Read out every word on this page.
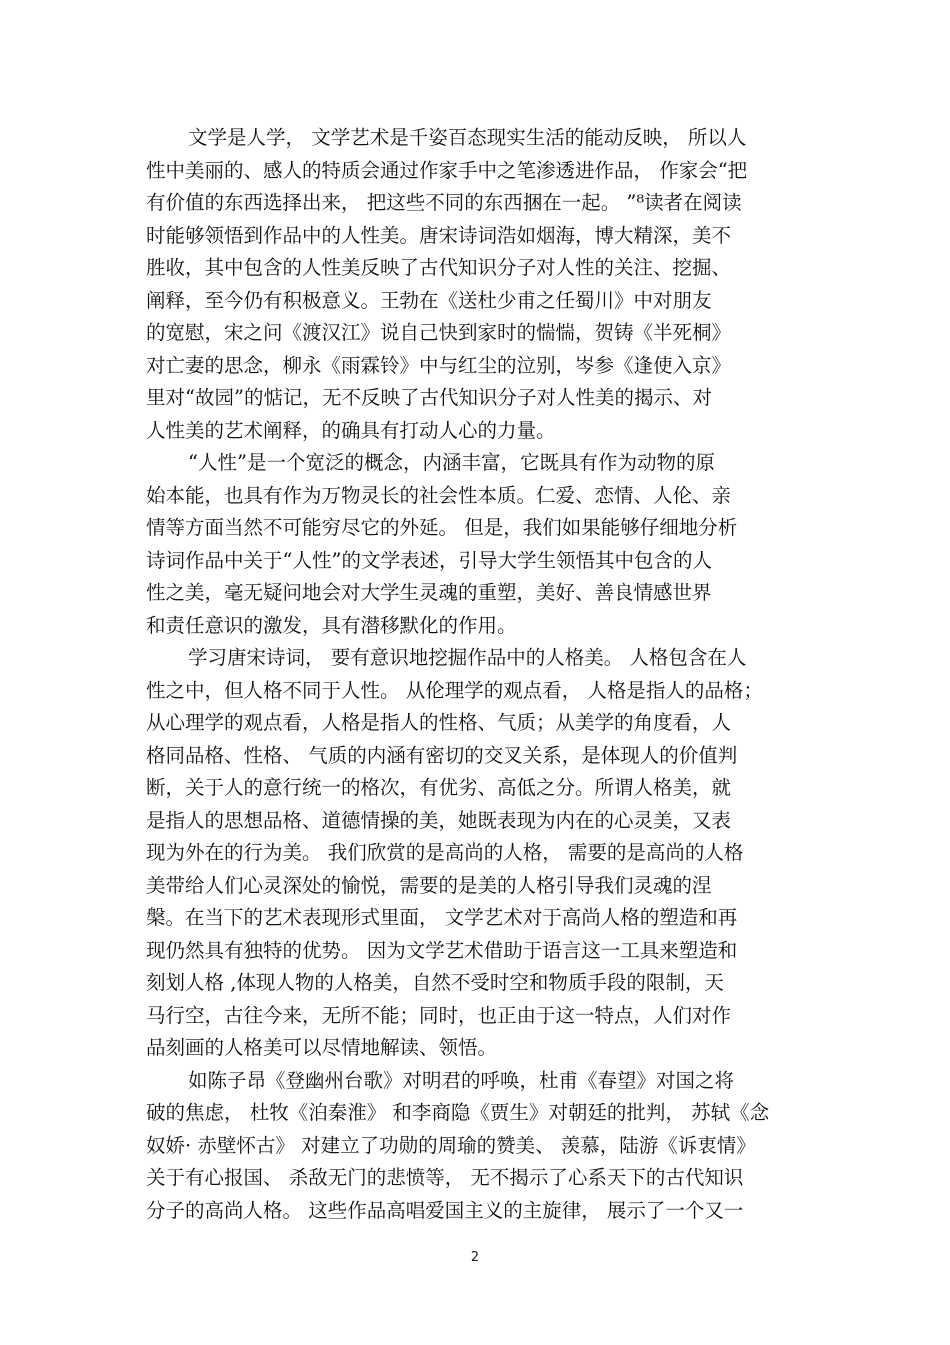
文学是人学， 文学艺术是千姿百态现实生活的能动反映， 所以人
性中美丽的、感人的特质会通过作家手中之笔渗透进作品， 作家会“把
有价值的东西选择出来， 把这些不同的东西捆在一起。 ”⁸读者在阅读
时能够领悟到作品中的人性美。唐宋诗词浩如烟海，博大精深，美不
胜收，其中包含的人性美反映了古代知识分子对人性的关注、挖掘、
阐释，至今仍有积极意义。王勃在《送杜少甫之任蜀川》中对朋友
的宽慰，宋之问《渡汉江》说自己快到家时的惴惴，贺铸《半死桐》
对亡妻的思念，柳永《雨霖铃》中与红尘的泣别，岑参《逢使入京》
里对“故园”的惦记，无不反映了古代知识分子对人性美的揭示、对
人性美的艺术阐释，的确具有打动人心的力量。
“人性”是一个宽泛的概念，内涵丰富，它既具有作为动物的原
始本能，也具有作为万物灵长的社会性本质。仁爱、恋情、人伦、亲
情等方面当然不可能穷尽它的外延。 但是，我们如果能够仔细地分析
诗词作品中关于“人性”的文学表述，引导大学生领悟其中包含的人
性之美，毫无疑问地会对大学生灵魂的重塑，美好、善良情感世界
和责任意识的激发，具有潜移默化的作用。
学习唐宋诗词， 要有意识地挖掘作品中的人格美。 人格包含在人
性之中，但人格不同于人性。 从伦理学的观点看， 人格是指人的品格；
从心理学的观点看，人格是指人的性格、气质；从美学的角度看，人
格同品格、性格、 气质的内涵有密切的交叉关系，是体现人的价值判
断，关于人的意行统一的格次，有优劣、高低之分。所谓人格美，就
是指人的思想品格、道德情操的美，她既表现为内在的心灵美，又表
现为外在的行为美。 我们欣赏的是高尚的人格， 需要的是高尚的人格
美带给人们心灵深处的愉悦，需要的是美的人格引导我们灵魂的涅
槃。在当下的艺术表现形式里面， 文学艺术对于高尚人格的塑造和再
现仍然具有独特的优势。 因为文学艺术借助于语言这一工具来塑造和
刻划人格 ,体现人物的人格美，自然不受时空和物质手段的限制，天
马行空，古往今来，无所不能；同时，也正由于这一特点，人们对作
品刻画的人格美可以尽情地解读、领悟。
如陈子昂《登幽州台歌》对明君的呼唤，杜甫《春望》对国之将
破的焦虑， 杜牧《泊秦淮》 和李商隐《贾生》对朝廷的批判， 苏轼《念
奴娇· 赤壁怀古》 对建立了功勋的周瑜的赞美、 羡慕，陆游《诉衷情》
关于有心报国、 杀敌无门的悲愤等， 无不揭示了心系天下的古代知识
分子的高尚人格。 这些作品高唱爱国主义的主旋律， 展示了一个又一
2
